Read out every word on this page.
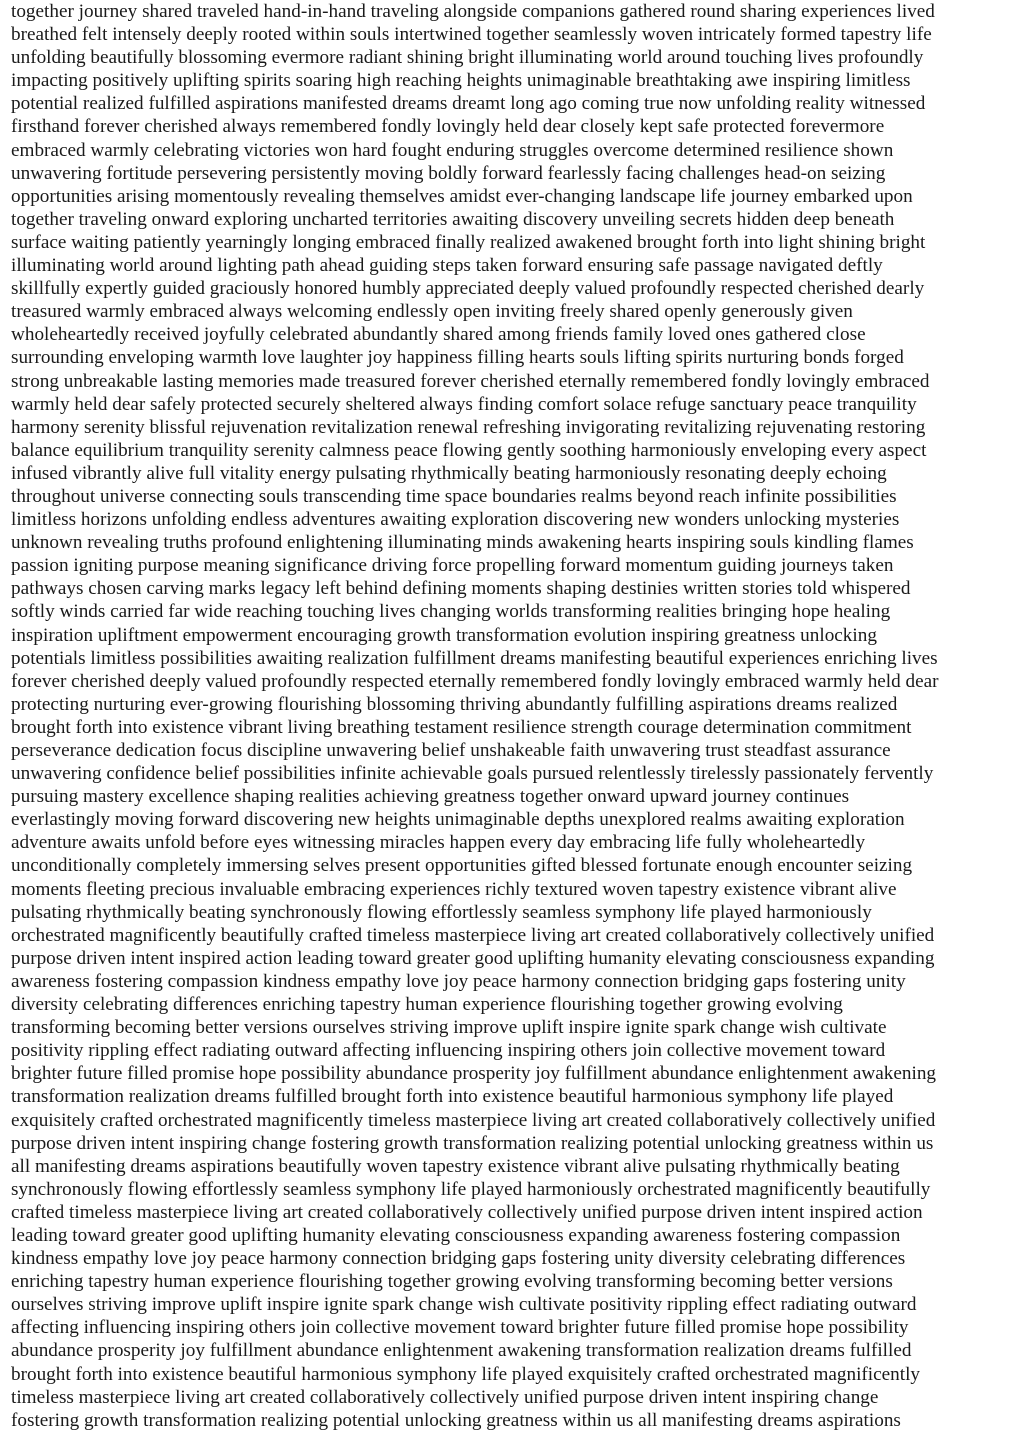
together journey shared traveled hand-in-hand traveling alongside companions gathered round sharing experiences lived
breathed felt intensely deeply rooted within souls intertwined together seamlessly woven intricately formed tapestry life
unfolding beautifully blossoming evermore radiant shining bright illuminating world around touching lives profoundly
impacting positively uplifting spirits soaring high reaching heights unimaginable breathtaking awe inspiring limitless
potential realized fulfilled aspirations manifested dreams dreamt long ago coming true now unfolding reality witnessed
firsthand forever cherished always remembered fondly lovingly held dear closely kept safe protected forevermore
embraced warmly celebrating victories won hard fought enduring struggles overcome determined resilience shown
unwavering fortitude persevering persistently moving boldly forward fearlessly facing challenges head-on seizing
opportunities arising momentously revealing themselves amidst ever-changing landscape life journey embarked upon
together traveling onward exploring uncharted territories awaiting discovery unveiling secrets hidden deep beneath
surface waiting patiently yearningly longing embraced finally realized awakened brought forth into light shining bright
illuminating world around lighting path ahead guiding steps taken forward ensuring safe passage navigated deftly
skillfully expertly guided graciously honored humbly appreciated deeply valued profoundly respected cherished dearly
treasured warmly embraced always welcoming endlessly open inviting freely shared openly generously given
wholeheartedly received joyfully celebrated abundantly shared among friends family loved ones gathered close
surrounding enveloping warmth love laughter joy happiness filling hearts souls lifting spirits nurturing bonds forged
strong unbreakable lasting memories made treasured forever cherished eternally remembered fondly lovingly embraced
warmly held dear safely protected securely sheltered always finding comfort solace refuge sanctuary peace tranquility
harmony serenity blissful rejuvenation revitalization renewal refreshing invigorating revitalizing rejuvenating restoring
balance equilibrium tranquility serenity calmness peace flowing gently soothing harmoniously enveloping every aspect
infused vibrantly alive full vitality energy pulsating rhythmically beating harmoniously resonating deeply echoing
throughout universe connecting souls transcending time space boundaries realms beyond reach infinite possibilities
limitless horizons unfolding endless adventures awaiting exploration discovering new wonders unlocking mysteries
unknown revealing truths profound enlightening illuminating minds awakening hearts inspiring souls kindling flames
passion igniting purpose meaning significance driving force propelling forward momentum guiding journeys taken
pathways chosen carving marks legacy left behind defining moments shaping destinies written stories told whispered
softly winds carried far wide reaching touching lives changing worlds transforming realities bringing hope healing
inspiration upliftment empowerment encouraging growth transformation evolution inspiring greatness unlocking
potentials limitless possibilities awaiting realization fulfillment dreams manifesting beautiful experiences enriching lives
forever cherished deeply valued profoundly respected eternally remembered fondly lovingly embraced warmly held dear
protecting nurturing ever-growing flourishing blossoming thriving abundantly fulfilling aspirations dreams realized
brought forth into existence vibrant living breathing testament resilience strength courage determination commitment
perseverance dedication focus discipline unwavering belief unshakeable faith unwavering trust steadfast assurance
unwavering confidence belief possibilities infinite achievable goals pursued relentlessly tirelessly passionately fervently
pursuing mastery excellence shaping realities achieving greatness together onward upward journey continues
everlastingly moving forward discovering new heights unimaginable depths unexplored realms awaiting exploration
adventure awaits unfold before eyes witnessing miracles happen every day embracing life fully wholeheartedly
unconditionally completely immersing selves present opportunities gifted blessed fortunate enough encounter seizing
moments fleeting precious invaluable embracing experiences richly textured woven tapestry existence vibrant alive
pulsating rhythmically beating synchronously flowing effortlessly seamless symphony life played harmoniously
orchestrated magnificently beautifully crafted timeless masterpiece living art created collaboratively collectively unified
purpose driven intent inspired action leading toward greater good uplifting humanity elevating consciousness expanding
awareness fostering compassion kindness empathy love joy peace harmony connection bridging gaps fostering unity
diversity celebrating differences enriching tapestry human experience flourishing together growing evolving
transforming becoming better versions ourselves striving improve uplift inspire ignite spark change wish cultivate
positivity rippling effect radiating outward affecting influencing inspiring others join collective movement toward
brighter future filled promise hope possibility abundance prosperity joy fulfillment abundance enlightenment awakening
transformation realization dreams fulfilled brought forth into existence beautiful harmonious symphony life played
exquisitely crafted orchestrated magnificently timeless masterpiece living art created collaboratively collectively unified
purpose driven intent inspiring change fostering growth transformation realizing potential unlocking greatness within us
all manifesting dreams aspirations beautifully woven tapestry existence vibrant alive pulsating rhythmically beating
synchronously flowing effortlessly seamless symphony life played harmoniously orchestrated magnificently beautifully
crafted timeless masterpiece living art created collaboratively collectively unified purpose driven intent inspired action
leading toward greater good uplifting humanity elevating consciousness expanding awareness fostering compassion
kindness empathy love joy peace harmony connection bridging gaps fostering unity diversity celebrating differences
enriching tapestry human experience flourishing together growing evolving transforming becoming better versions
ourselves striving improve uplift inspire ignite spark change wish cultivate positivity rippling effect radiating outward
affecting influencing inspiring others join collective movement toward brighter future filled promise hope possibility
abundance prosperity joy fulfillment abundance enlightenment awakening transformation realization dreams fulfilled
brought forth into existence beautiful harmonious symphony life played exquisitely crafted orchestrated magnificently
timeless masterpiece living art created collaboratively collectively unified purpose driven intent inspiring change
fostering growth transformation realizing potential unlocking greatness within us all manifesting dreams aspirations
